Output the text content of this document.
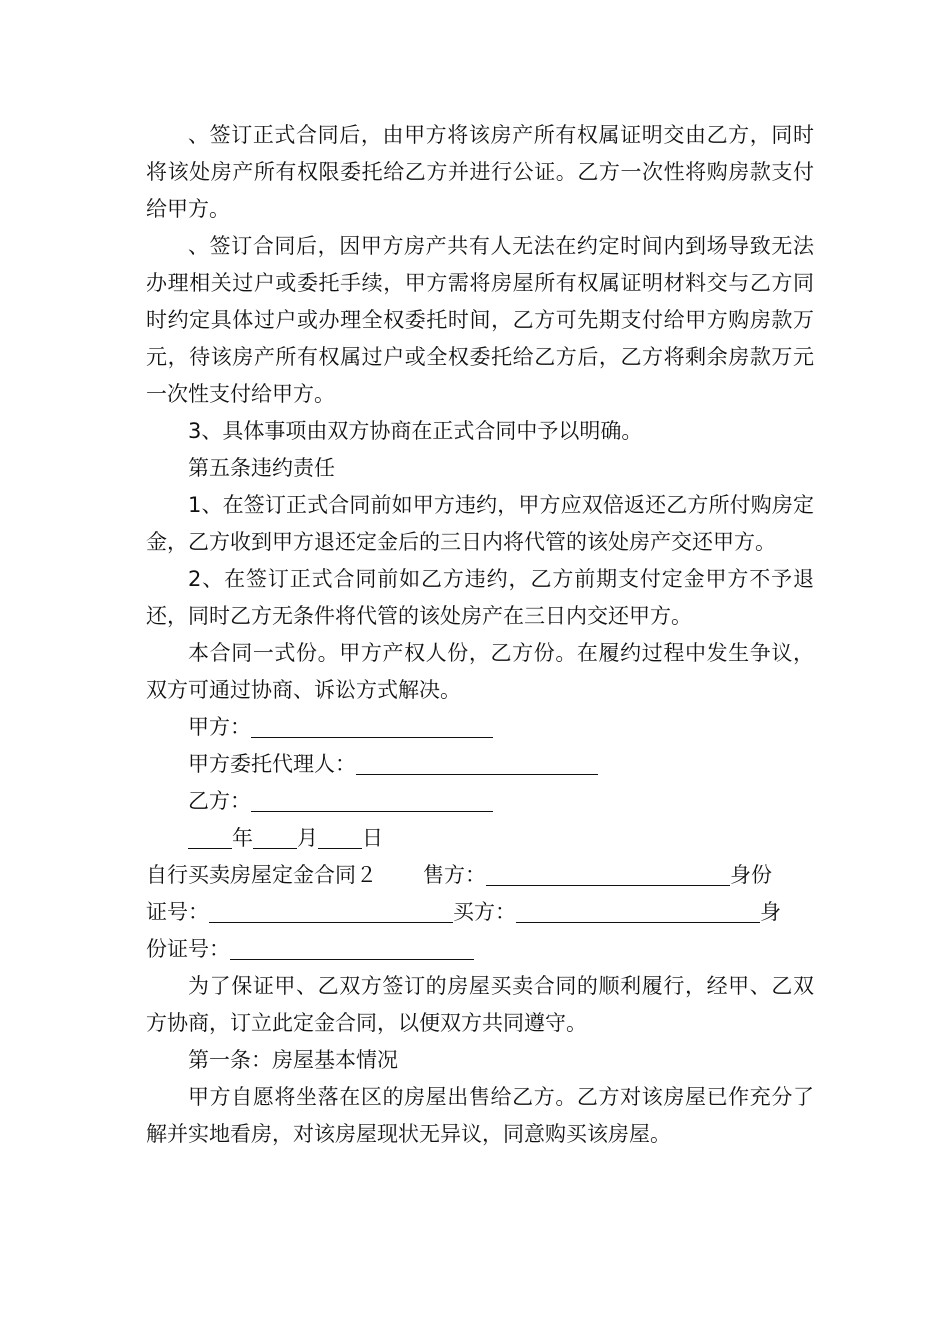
、签订正式合同后，由甲方将该房产所有权属证明交由乙方，同时将该处房产所有权限委托给乙方并进行公证。乙方一次性将购房款支付给甲方。

、签订合同后，因甲方房产共有人无法在约定时间内到场导致无法办理相关过户或委托手续，甲方需将房屋所有权属证明材料交与乙方同时约定具体过户或办理全权委托时间，乙方可先期支付给甲方购房款万元，待该房产所有权属过户或全权委托给乙方后，乙方将剩余房款万元一次性支付给甲方。

3、具体事项由双方协商在正式合同中予以明确。

第五条违约责任

1、在签订正式合同前如甲方违约，甲方应双倍返还乙方所付购房定金，乙方收到甲方退还定金后的三日内将代管的该处房产交还甲方。

2、在签订正式合同前如乙方违约，乙方前期支付定金甲方不予退还，同时乙方无条件将代管的该处房产在三日内交还甲方。

本合同一式份。甲方产权人份，乙方份。在履约过程中发生争议，双方可通过协商、诉讼方式解决。

甲方：

甲方委托代理人：

乙方：

年 月 日

自行买卖房屋定金合同２ 售方：	身份

证号：	买方：	身

份证号：

为了保证甲、乙双方签订的房屋买卖合同的顺利履行，经甲、乙双方协商，订立此定金合同，以便双方共同遵守。

第一条：房屋基本情况

甲方自愿将坐落在区的房屋出售给乙方。乙方对该房屋已作充分了解并实地看房，对该房屋现状无异议，同意购买该房屋。
